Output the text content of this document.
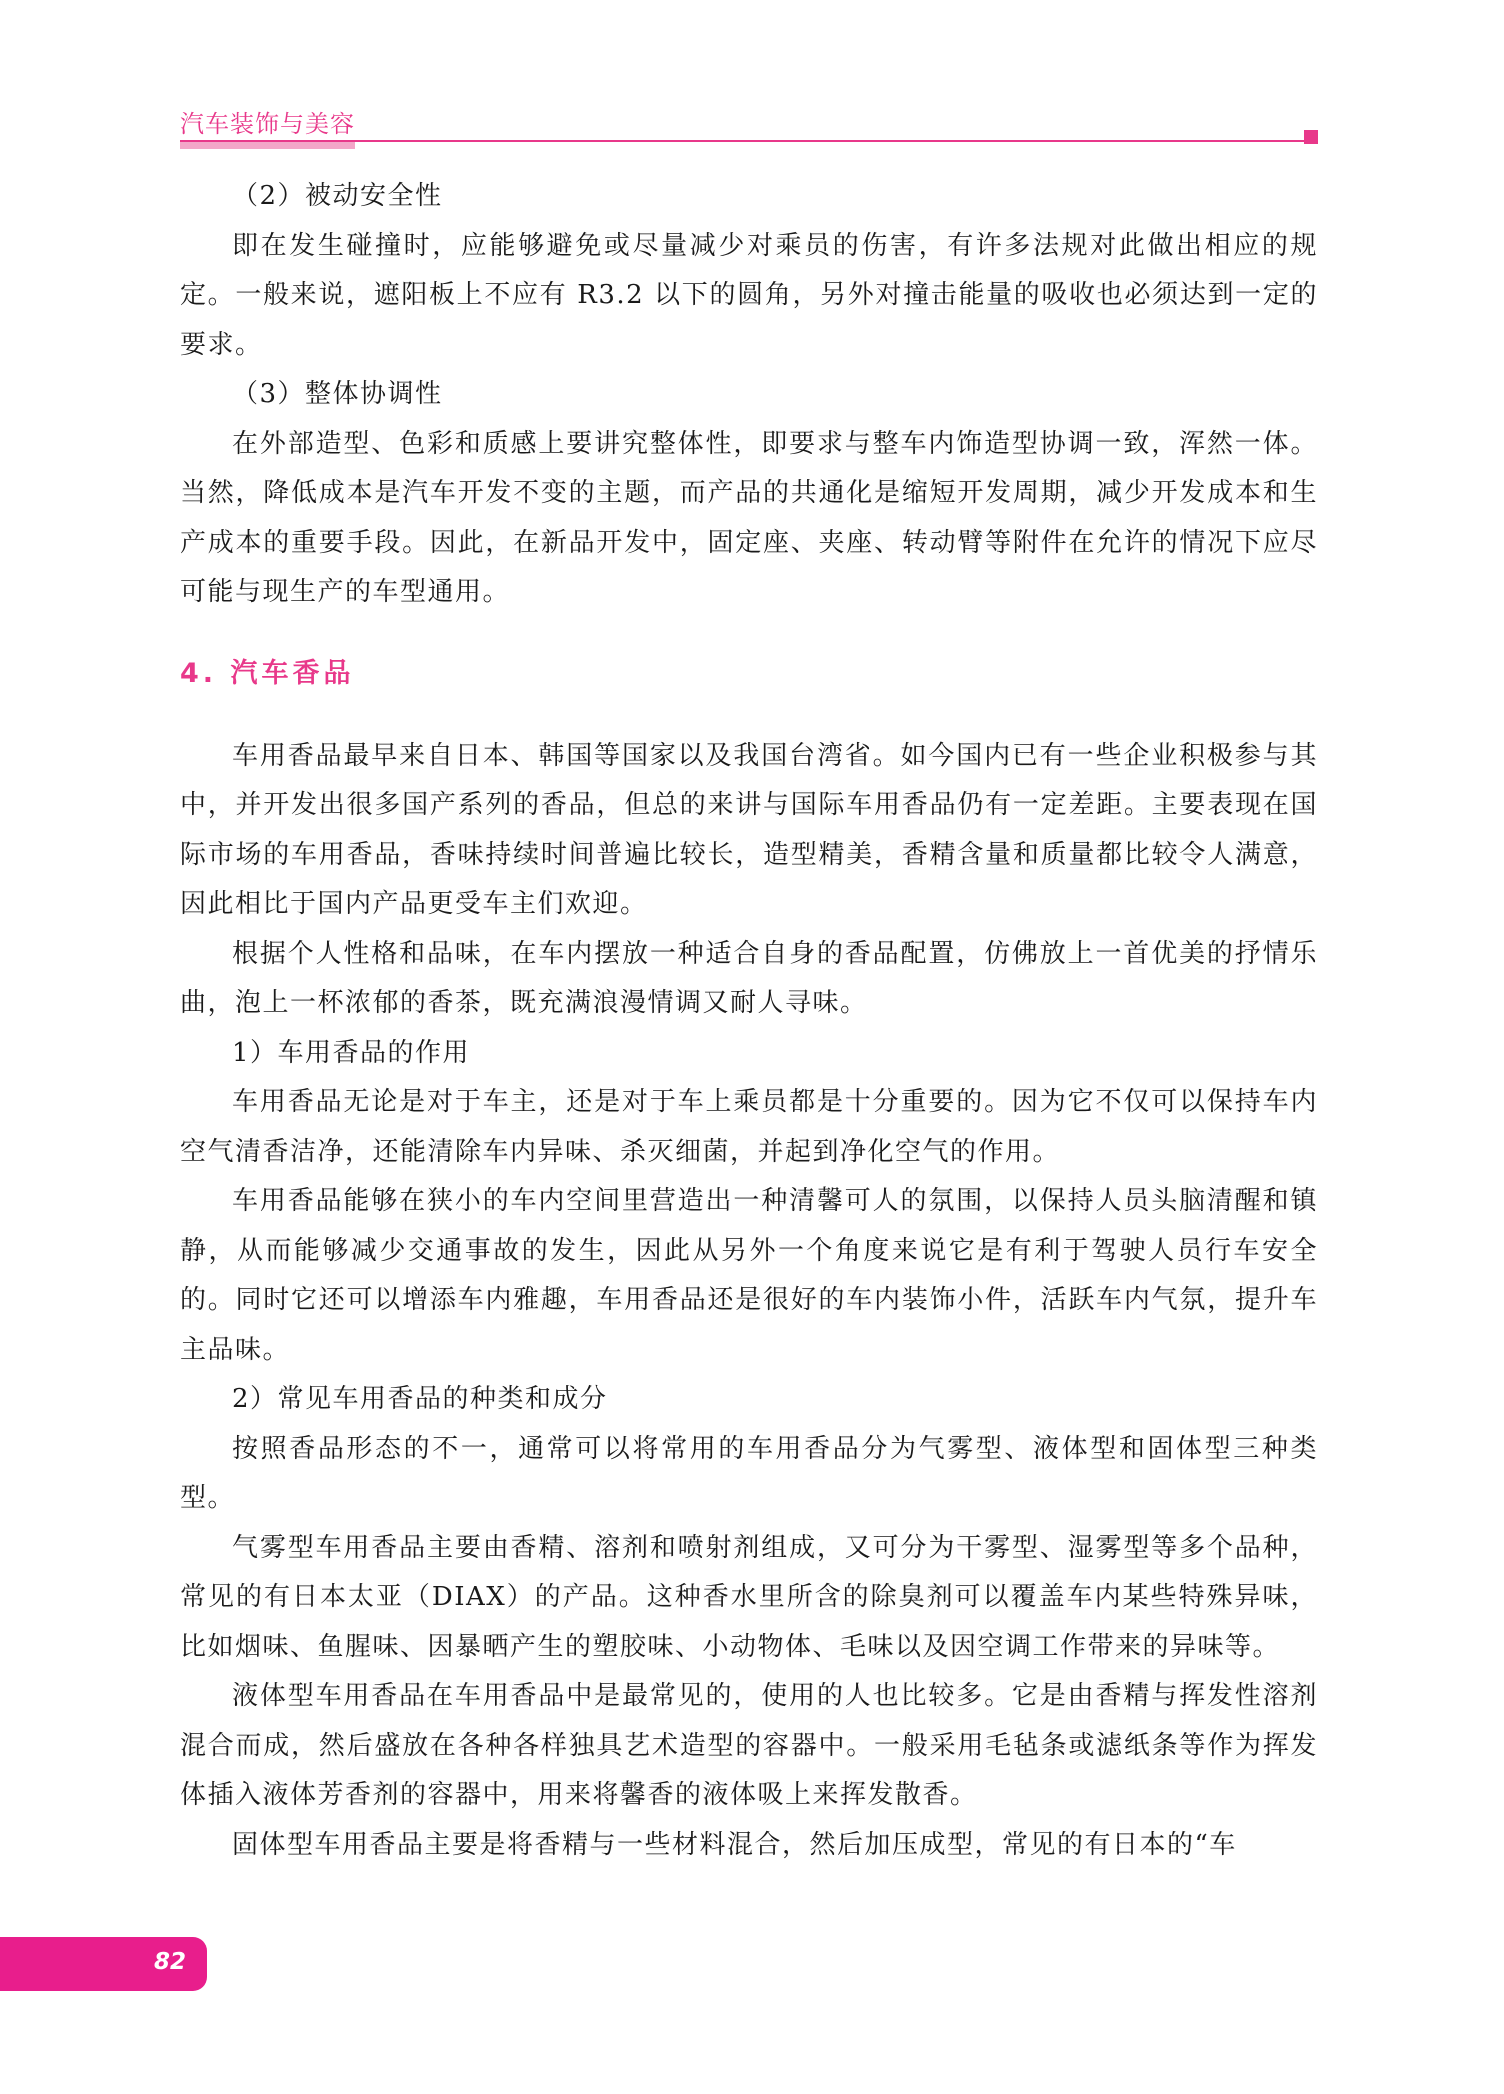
汽车装饰与美容

（2）被动安全性

即在发生碰撞时，应能够避免或尽量减少对乘员的伤害，有许多法规对此做出相应的规定。一般来说，遮阳板上不应有 R3.2 以下的圆角，另外对撞击能量的吸收也必须达到一定的要求。

（3）整体协调性

在外部造型、色彩和质感上要讲究整体性，即要求与整车内饰造型协调一致，浑然一体。当然，降低成本是汽车开发不变的主题，而产品的共通化是缩短开发周期，减少开发成本和生产成本的重要手段。因此，在新品开发中，固定座、夹座、转动臂等附件在允许的情况下应尽可能与现生产的车型通用。

4. 汽车香品

车用香品最早来自日本、韩国等国家以及我国台湾省。如今国内已有一些企业积极参与其中，并开发出很多国产系列的香品，但总的来讲与国际车用香品仍有一定差距。主要表现在国际市场的车用香品，香味持续时间普遍比较长，造型精美，香精含量和质量都比较令人满意，因此相比于国内产品更受车主们欢迎。

根据个人性格和品味，在车内摆放一种适合自身的香品配置，仿佛放上一首优美的抒情乐曲，泡上一杯浓郁的香茶，既充满浪漫情调又耐人寻味。

1）车用香品的作用

车用香品无论是对于车主，还是对于车上乘员都是十分重要的。因为它不仅可以保持车内空气清香洁净，还能清除车内异味、杀灭细菌，并起到净化空气的作用。

车用香品能够在狭小的车内空间里营造出一种清馨可人的氛围，以保持人员头脑清醒和镇静，从而能够减少交通事故的发生，因此从另外一个角度来说它是有利于驾驶人员行车安全的。同时它还可以增添车内雅趣，车用香品还是很好的车内装饰小件，活跃车内气氛，提升车主品味。

2）常见车用香品的种类和成分

按照香品形态的不一，通常可以将常用的车用香品分为气雾型、液体型和固体型三种类型。

气雾型车用香品主要由香精、溶剂和喷射剂组成，又可分为干雾型、湿雾型等多个品种，常见的有日本太亚（DIAX）的产品。这种香水里所含的除臭剂可以覆盖车内某些特殊异味，比如烟味、鱼腥味、因暴晒产生的塑胶味、小动物体、毛味以及因空调工作带来的异味等。

液体型车用香品在车用香品中是最常见的，使用的人也比较多。它是由香精与挥发性溶剂混合而成，然后盛放在各种各样独具艺术造型的容器中。一般采用毛毡条或滤纸条等作为挥发体插入液体芳香剂的容器中，用来将馨香的液体吸上来挥发散香。

固体型车用香品主要是将香精与一些材料混合，然后加压成型，常见的有日本的“车

82
